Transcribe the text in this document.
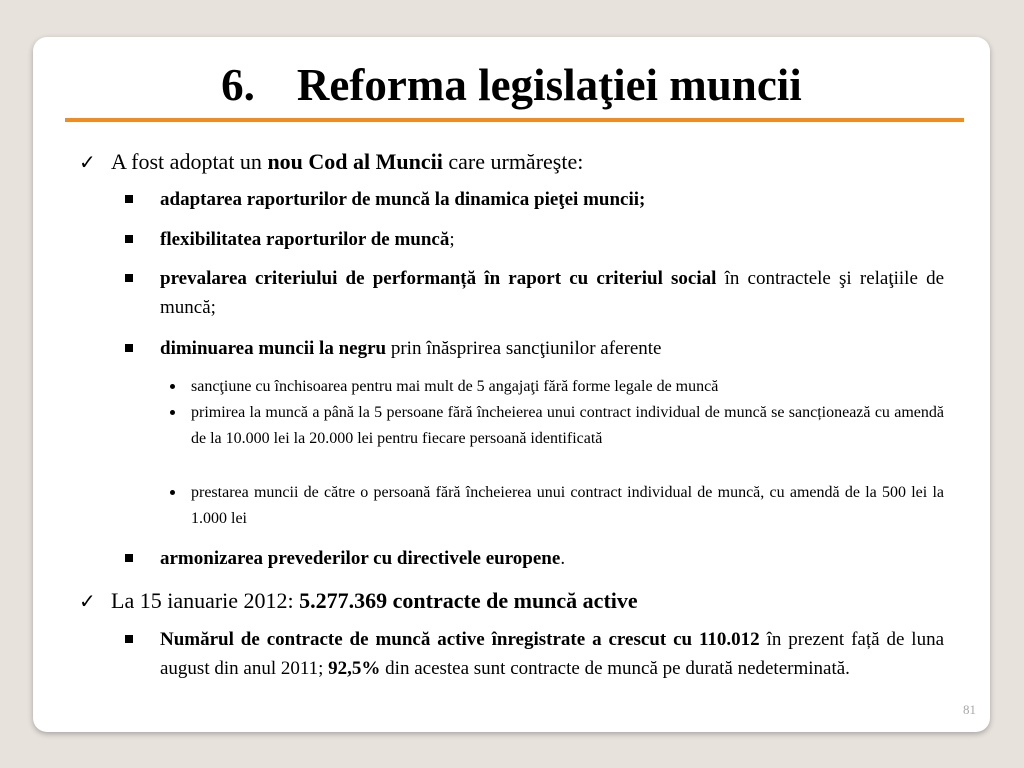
6. Reforma legislaţiei muncii
✓ A fost adoptat un nou Cod al Muncii care urmăreşte:
adaptarea raporturilor de muncă la dinamica pieţei muncii;
flexibilitatea raporturilor de muncă;
prevalarea criteriului de performanță în raport cu criteriul social în contractele şi relaţiile de muncă;
diminuarea muncii la negru prin înăsprirea sancţiunilor aferente
sancţiune cu închisoarea pentru mai mult de 5 angajaţi fără forme legale de muncă
primirea la muncă a până la 5 persoane fără încheierea unui contract individual de muncă se sancționează cu amendă de la 10.000 lei la 20.000 lei pentru fiecare persoană identificată
prestarea muncii de către o persoană fără încheierea unui contract individual de muncă, cu amendă de la 500 lei la 1.000 lei
armonizarea prevederilor cu directivele europene.
✓ La 15 ianuarie 2012: 5.277.369 contracte de muncă active
Numărul de contracte de muncă active înregistrate a crescut cu 110.012 în prezent față de luna august din anul 2011; 92,5% din acestea sunt contracte de muncă pe durată nedeterminată.
81
